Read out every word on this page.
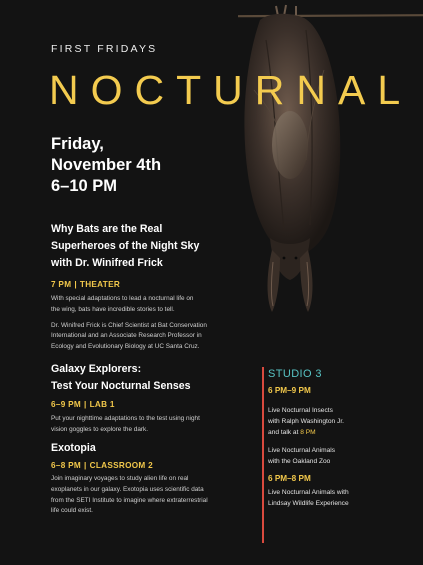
FIRST FRIDAYS
NOCTURNAL
Friday,
November 4th
6–10 PM
Why Bats are the Real
Superheroes of the Night Sky
with Dr. Winifred Frick
7 PM | THEATER
With special adaptations to lead a nocturnal life on
the wing, bats have incredible stories to tell.
Dr. Winifred Frick is Chief Scientist at Bat Conservation
International and an Associate Research Professor in
Ecology and Evolutionary Biology at UC Santa Cruz.
Galaxy Explorers:
Test Your Nocturnal Senses
6–9 PM | LAB 1
Put your nighttime adaptations to the test using night
vision goggles to explore the dark.
Exotopia
6–8 PM | CLASSROOM 2
Join imaginary voyages to study alien life on real
exoplanets in our galaxy. Exotopia uses scientific data
from the SETI Institute to imagine where extraterrestrial
life could exist.
STUDIO 3
6 PM–9 PM
Live Nocturnal Insects
with Ralph Washington Jr.
and talk at 8 PM
Live Nocturnal Animals
with the Oakland Zoo
6 PM–8 PM
Live Nocturnal Animals with
Lindsay Wildlife Experience
